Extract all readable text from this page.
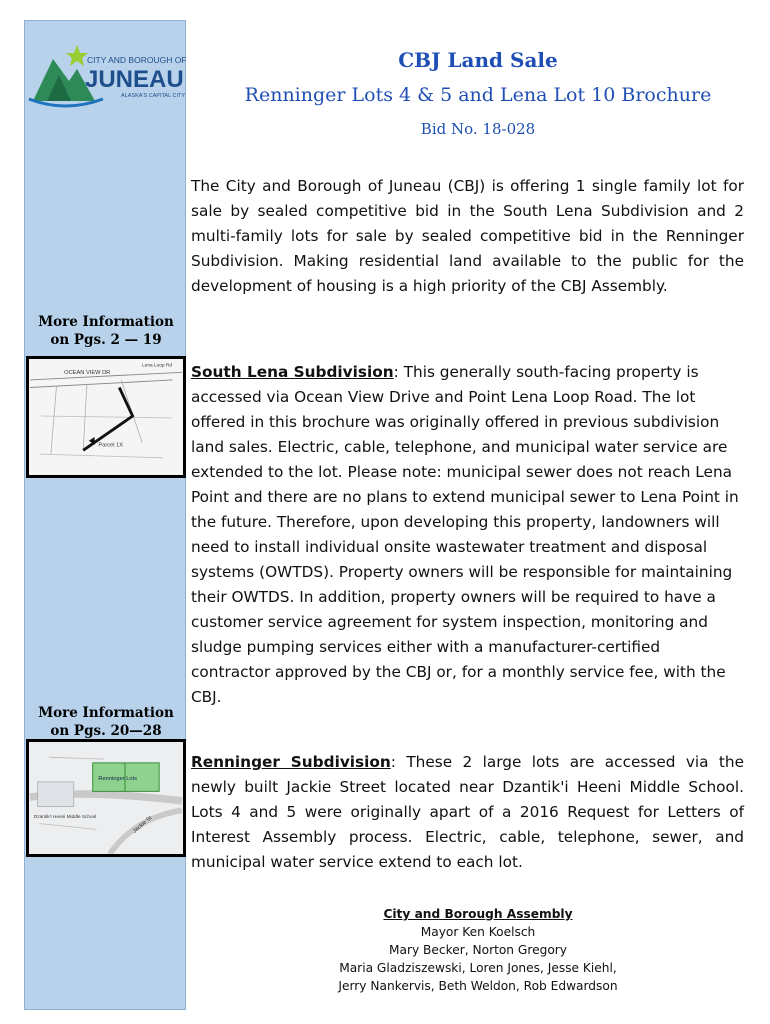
CITY AND BOROUGH OF
JUNEAU
ALASKA'S CAPITAL CITY
More Information
on Pgs. 2 — 19
More Information
on Pgs. 20—28
OCEAN VIEW DR
Lena Loop Rd
Parcel 1X
Renninger Lots
Dzantik'i Heeni Middle School	Jackie St
CBJ Land Sale
Renninger Lots 4 & 5 and Lena Lot 10 Brochure
Bid No. 18-028

The City and Borough of Juneau (CBJ) is offering 1 single family lot for sale by sealed competitive bid in the South Lena Subdivision and 2 multi-family lots for sale by sealed competitive bid in the Renninger Subdivision. Making residential land available to the public for the development of housing is a high priority of the CBJ Assembly.

South Lena Subdivision: This generally south-facing property is accessed via Ocean View Drive and Point Lena Loop Road. The lot offered in this brochure was originally offered in previous subdivision land sales. Electric, cable, telephone, and municipal water service are extended to the lot. Please note: municipal sewer does not reach Lena Point and there are no plans to extend municipal sewer to Lena Point in the future. Therefore, upon developing this property, landowners will need to install individual onsite wastewater treatment and disposal systems (OWTDS). Property owners will be responsible for maintaining their OWTDS. In addition, property owners will be required to have a customer service agreement for system inspection, monitoring and sludge pumping services either with a manufacturer-certified contractor approved by the CBJ or, for a monthly service fee, with the CBJ.

Renninger Subdivision: These 2 large lots are accessed via the newly built Jackie Street located near Dzantik'i Heeni Middle School. Lots 4 and 5 were originally apart of a 2016 Request for Letters of Interest Assembly process. Electric, cable, telephone, sewer, and municipal water service extend to each lot.

City and Borough Assembly
Mayor Ken Koelsch
Mary Becker, Norton Gregory
Maria Gladziszewski, Loren Jones, Jesse Kiehl,
Jerry Nankervis, Beth Weldon, Rob Edwardson
